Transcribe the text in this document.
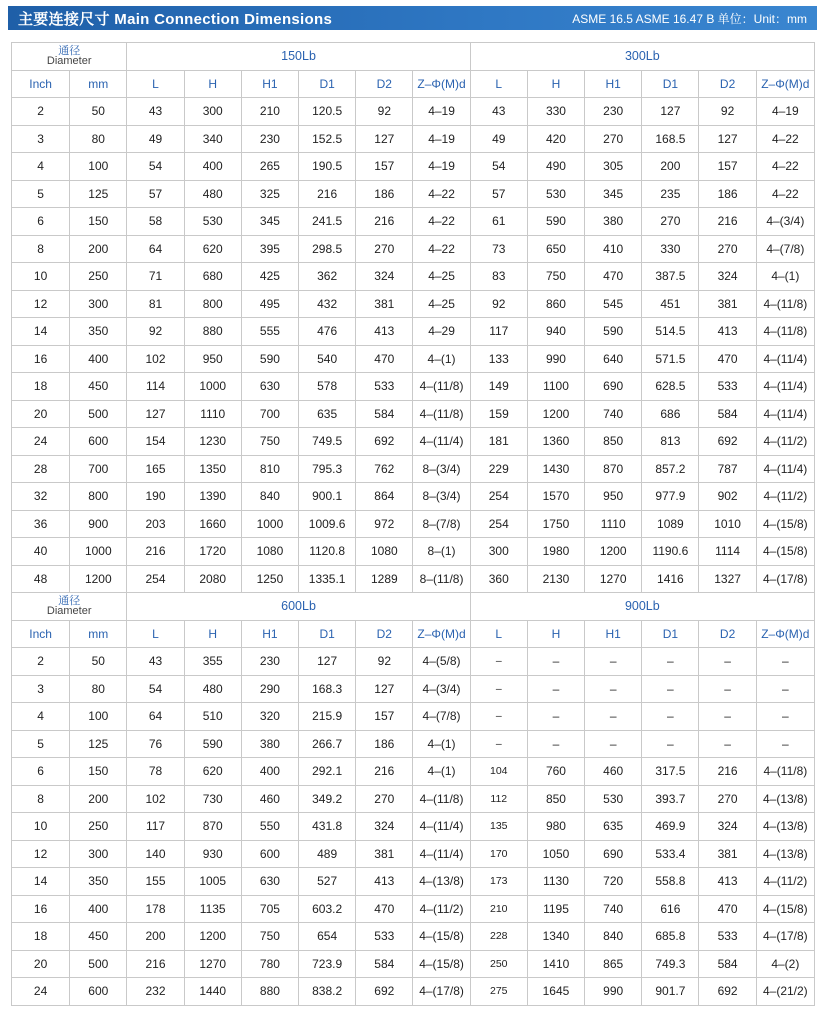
主要连接尺寸 Main Connection Dimensions	ASME 16.5 ASME 16.47 B 单位：Unit：mm
通径
Diameter		150Lb						300Lb					
Inch	mm	L	H	H1	D1	D2	Z–Φ(M)d	L	H	H1	D1	D2	Z–Φ(M)d
2	50	43	300	210	120.5	92	4–19	43	330	230	127	92	4–19
3	80	49	340	230	152.5	127	4–19	49	420	270	168.5	127	4–22
4	100	54	400	265	190.5	157	4–19	54	490	305	200	157	4–22
5	125	57	480	325	216	186	4–22	57	530	345	235	186	4–22
6	150	58	530	345	241.5	216	4–22	61	590	380	270	216	4–(3/4)
8	200	64	620	395	298.5	270	4–22	73	650	410	330	270	4–(7/8)
10	250	71	680	425	362	324	4–25	83	750	470	387.5	324	4–(1)
12	300	81	800	495	432	381	4–25	92	860	545	451	381	4–(11/8)
14	350	92	880	555	476	413	4–29	117	940	590	514.5	413	4–(11/8)
16	400	102	950	590	540	470	4–(1)	133	990	640	571.5	470	4–(11/4)
18	450	114	1000	630	578	533	4–(11/8)	149	1100	690	628.5	533	4–(11/4)
20	500	127	1110	700	635	584	4–(11/8)	159	1200	740	686	584	4–(11/4)
24	600	154	1230	750	749.5	692	4–(11/4)	181	1360	850	813	692	4–(11/2)
28	700	165	1350	810	795.3	762	8–(3/4)	229	1430	870	857.2	787	4–(11/4)
32	800	190	1390	840	900.1	864	8–(3/4)	254	1570	950	977.9	902	4–(11/2)
36	900	203	1660	1000	1009.6	972	8–(7/8)	254	1750	1110	1089	1010	4–(15/8)
40	1000	216	1720	1080	1120.8	1080	8–(1)	300	1980	1200	1190.6	1114	4–(15/8)
48	1200	254	2080	1250	1335.1	1289	8–(11/8)	360	2130	1270	1416	1327	4–(17/8)

通径
Diameter		600Lb						900Lb					
Inch	mm	L	H	H1	D1	D2	Z–Φ(M)d	L	H	H1	D1	D2	Z–Φ(M)d
2	50	43	355	230	127	92	4–(5/8)	–	–	–	–	–	–
3	80	54	480	290	168.3	127	4–(3/4)	–	–	–	–	–	–
4	100	64	510	320	215.9	157	4–(7/8)	–	–	–	–	–	–
5	125	76	590	380	266.7	186	4–(1)	–	–	–	–	–	–
6	150	78	620	400	292.1	216	4–(1)	104	760	460	317.5	216	4–(11/8)
8	200	102	730	460	349.2	270	4–(11/8)	112	850	530	393.7	270	4–(13/8)
10	250	117	870	550	431.8	324	4–(11/4)	135	980	635	469.9	324	4–(13/8)
12	300	140	930	600	489	381	4–(11/4)	170	1050	690	533.4	381	4–(13/8)
14	350	155	1005	630	527	413	4–(13/8)	173	1130	720	558.8	413	4–(11/2)
16	400	178	1135	705	603.2	470	4–(11/2)	210	1195	740	616	470	4–(15/8)
18	450	200	1200	750	654	533	4–(15/8)	228	1340	840	685.8	533	4–(17/8)
20	500	216	1270	780	723.9	584	4–(15/8)	250	1410	865	749.3	584	4–(2)
24	600	232	1440	880	838.2	692	4–(17/8)	275	1645	990	901.7	692	4–(21/2)
